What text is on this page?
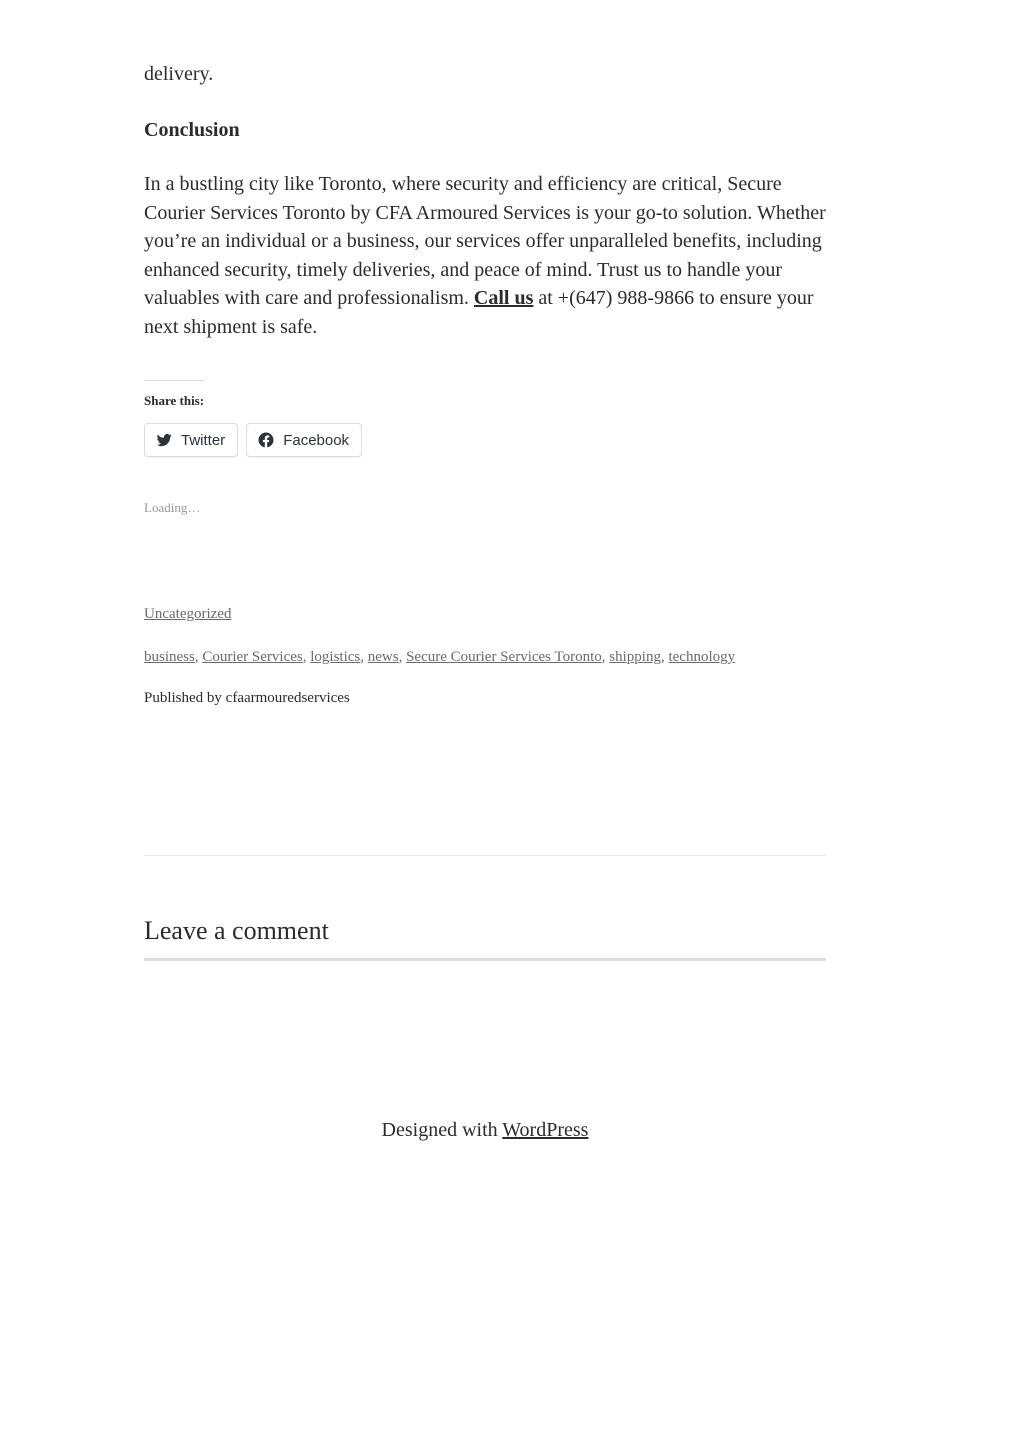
delivery.

Conclusion

In a bustling city like Toronto, where security and efficiency are critical, Secure Courier Services Toronto by CFA Armoured Services is your go-to solution. Whether you’re an individual or a business, our services offer unparalleled benefits, including enhanced security, timely deliveries, and peace of mind. Trust us to handle your valuables with care and professionalism. Call us at +(647) 988-9866 to ensure your next shipment is safe.

Share this:

Twitter	Facebook

Loading…

Uncategorized

business, Courier Services, logistics, news, Secure Courier Services Toronto, shipping, technology

Published by cfaarmouredservices

Leave a comment
Designed with WordPress
